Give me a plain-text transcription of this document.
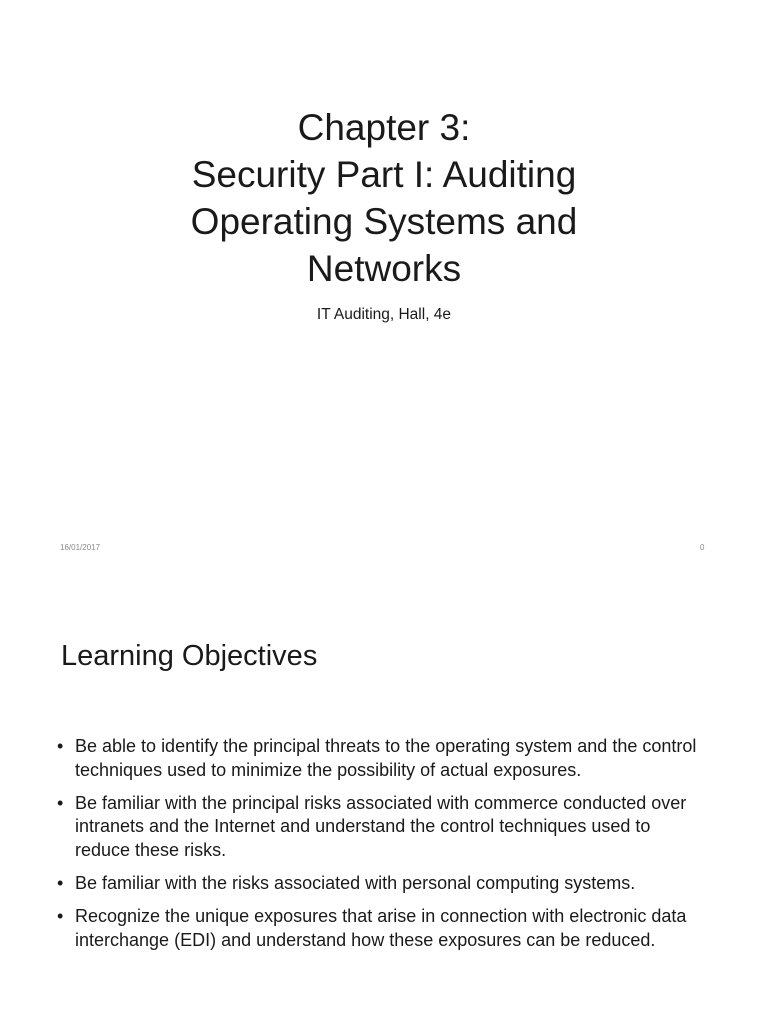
Chapter 3:
Security Part I: Auditing
Operating Systems and
Networks
IT Auditing, Hall, 4e
16/01/2017	0
Learning Objectives
• Be able to identify the principal threats to the operating system and the control techniques used to minimize the possibility of actual exposures.
• Be familiar with the principal risks associated with commerce conducted over intranets and the Internet and understand the control techniques used to reduce these risks.
• Be familiar with the risks associated with personal computing systems.
• Recognize the unique exposures that arise in connection with electronic data interchange (EDI) and understand how these exposures can be reduced.
